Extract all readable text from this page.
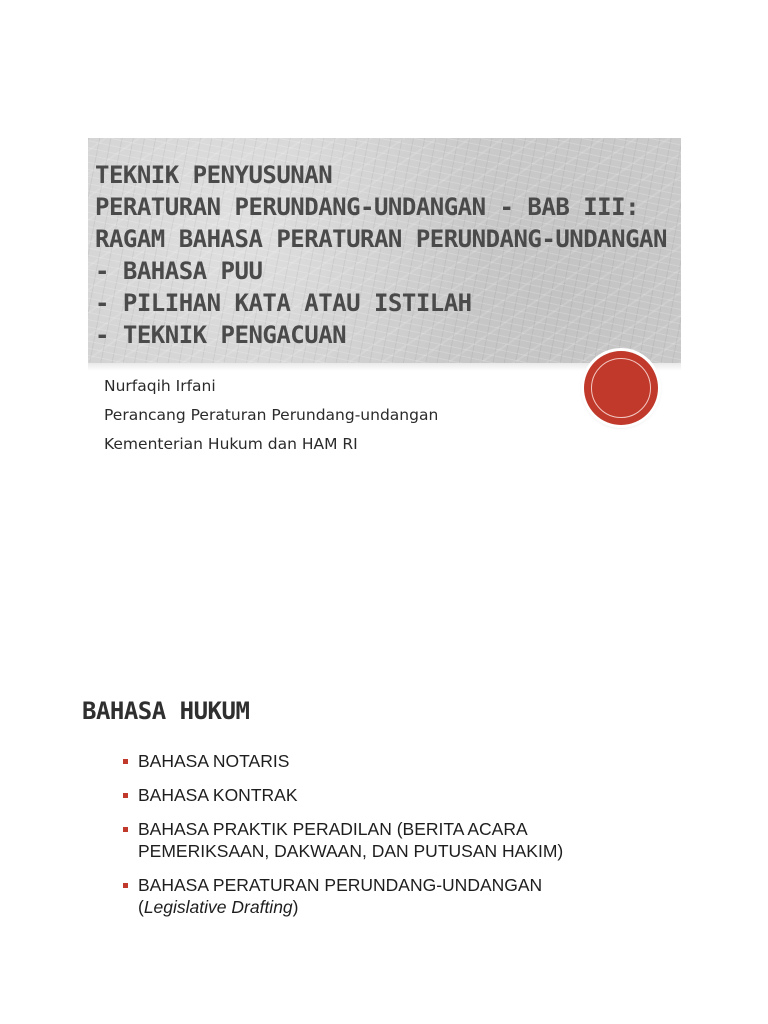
TEKNIK PENYUSUNAN
PERATURAN PERUNDANG-UNDANGAN - BAB III:
RAGAM BAHASA PERATURAN PERUNDANG-UNDANGAN
- BAHASA PUU
- PILIHAN KATA ATAU ISTILAH
- TEKNIK PENGACUAN
Nurfaqih Irfani
Perancang Peraturan Perundang-undangan
Kementerian Hukum dan HAM RI
BAHASA HUKUM
BAHASA NOTARIS
BAHASA KONTRAK
BAHASA PRAKTIK PERADILAN (BERITA ACARA PEMERIKSAAN, DAKWAAN, DAN PUTUSAN HAKIM)
BAHASA PERATURAN PERUNDANG-UNDANGAN (Legislative Drafting)
